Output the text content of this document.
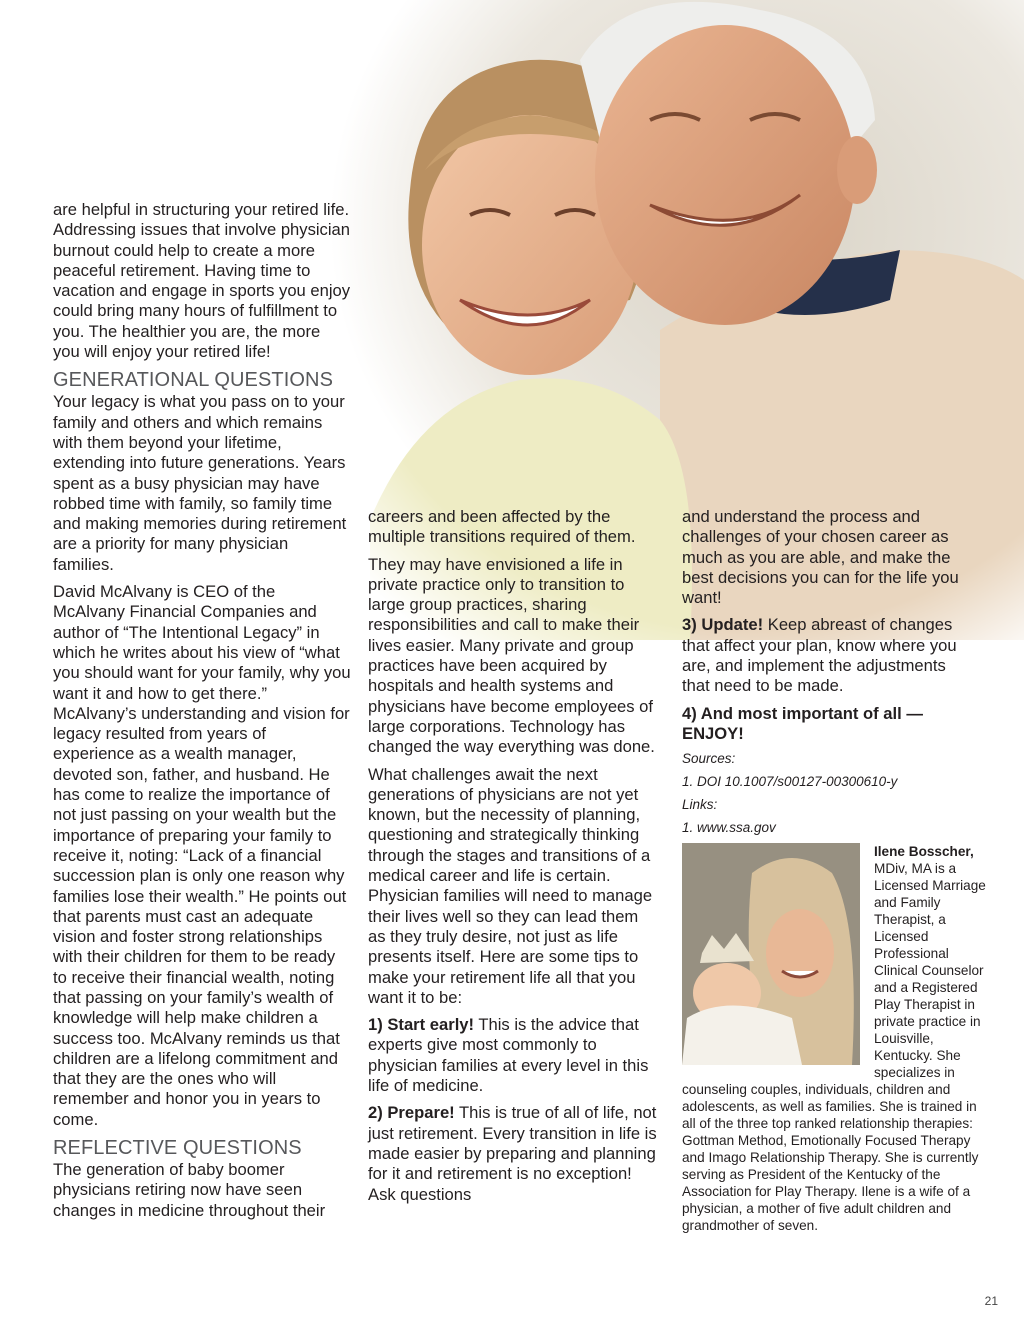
are helpful in structuring your retired life. Addressing issues that involve physician burnout could help to create a more peaceful retirement. Having time to vacation and engage in sports you enjoy could bring many hours of fulfillment to you. The healthier you are, the more you will enjoy your retired life!

GENERATIONAL QUESTIONS

Your legacy is what you pass on to your family and others and which remains with them beyond your lifetime, extending into future generations. Years spent as a busy physician may have robbed time with family, so family time and making memories during retirement are a priority for many physician families.

David McAlvany is CEO of the McAlvany Financial Companies and author of “The Intentional Legacy” in which he writes about his view of “what you should want for your family, why you want it and how to get there.” McAlvany’s understanding and vision for legacy resulted from years of experience as a wealth manager, devoted son, father, and husband. He has come to realize the importance of not just passing on your wealth but the importance of preparing your family to receive it, noting: “Lack of a financial succession plan is only one reason why families lose their wealth.” He points out that parents must cast an adequate vision and foster strong relationships with their children for them to be ready to receive their financial wealth, noting that passing on your family’s wealth of knowledge will help make children a success too. McAlvany reminds us that children are a lifelong commitment and that they are the ones who will remember and honor you in years to come.

REFLECTIVE QUESTIONS

The generation of baby boomer physicians retiring now have seen changes in medicine throughout their

careers and been affected by the multiple transitions required of them.

They may have envisioned a life in private practice only to transition to large group practices, sharing responsibilities and call to make their lives easier. Many private and group practices have been acquired by hospitals and health systems and physicians have become employees of large corporations. Technology has changed the way everything was done.

What challenges await the next generations of physicians are not yet known, but the necessity of planning, questioning and strategically thinking through the stages and transitions of a medical career and life is certain. Physician families will need to manage their lives well so they can lead them as they truly desire, not just as life presents itself. Here are some tips to make your retirement life all that you want it to be:

1) Start early! This is the advice that experts give most commonly to physician families at every level in this life of medicine.

2) Prepare! This is true of all of life, not just retirement. Every transition in life is made easier by preparing and planning for it and retirement is no exception! Ask questions

and understand the process and challenges of your chosen career as much as you are able, and make the best decisions you can for the life you want!

3) Update! Keep abreast of changes that affect your plan, know where you are, and implement the adjustments that need to be made.

4) And most important of all — ENJOY!

Sources:

1. DOI 10.1007/s00127-00300610-y

Links:

1. www.ssa.gov

Ilene Bosscher, MDiv, MA is a Licensed Marriage and Family Therapist, a Licensed Professional Clinical Counselor and a Registered Play Therapist in private practice in Louisville, Kentucky. She specializes in counseling couples, individuals, children and adolescents, as well as families. She is trained in all of the three top ranked relationship therapies: Gottman Method, Emotionally Focused Therapy and Imago Relationship Therapy. She is currently serving as President of the Kentucky of the Association for Play Therapy. Ilene is a wife of a physician, a mother of five adult children and grandmother of seven.
21
